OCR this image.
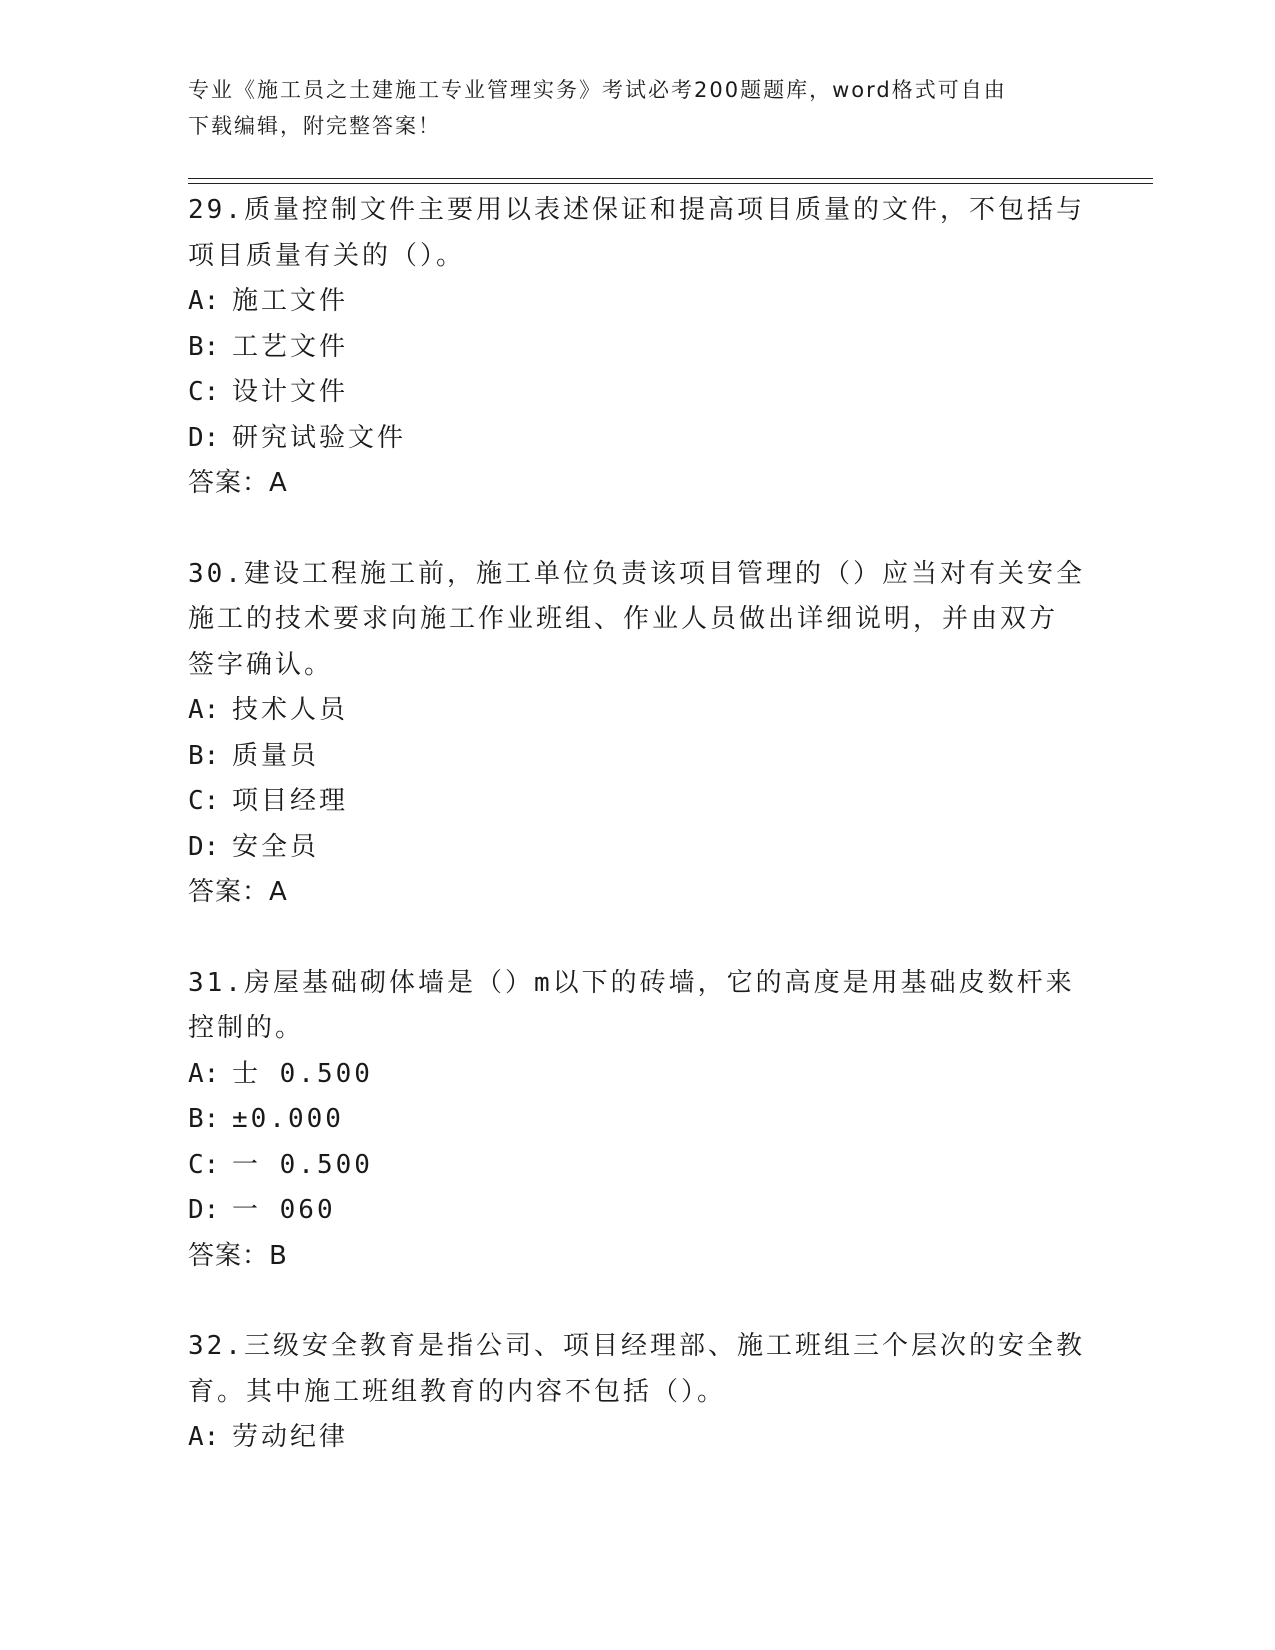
专业《施工员之土建施工专业管理实务》考试必考200题题库，word格式可自由
下载编辑，附完整答案！
29.质量控制文件主要用以表述保证和提高项目质量的文件，不包括与
项目质量有关的（）。
A: 施工文件
B: 工艺文件
C: 设计文件
D: 研究试验文件
答案：A
30.建设工程施工前，施工单位负责该项目管理的（）应当对有关安全
施工的技术要求向施工作业班组、作业人员做出详细说明，并由双方
签字确认。
A: 技术人员
B: 质量员
C: 项目经理
D: 安全员
答案：A
31.房屋基础砌体墙是（）m以下的砖墙，它的高度是用基础皮数杆来
控制的。
A: 士 0.500
B: ±0.000
C: 一 0.500
D: 一 060
答案：B
32.三级安全教育是指公司、项目经理部、施工班组三个层次的安全教
育。其中施工班组教育的内容不包括（）。
A: 劳动纪律
